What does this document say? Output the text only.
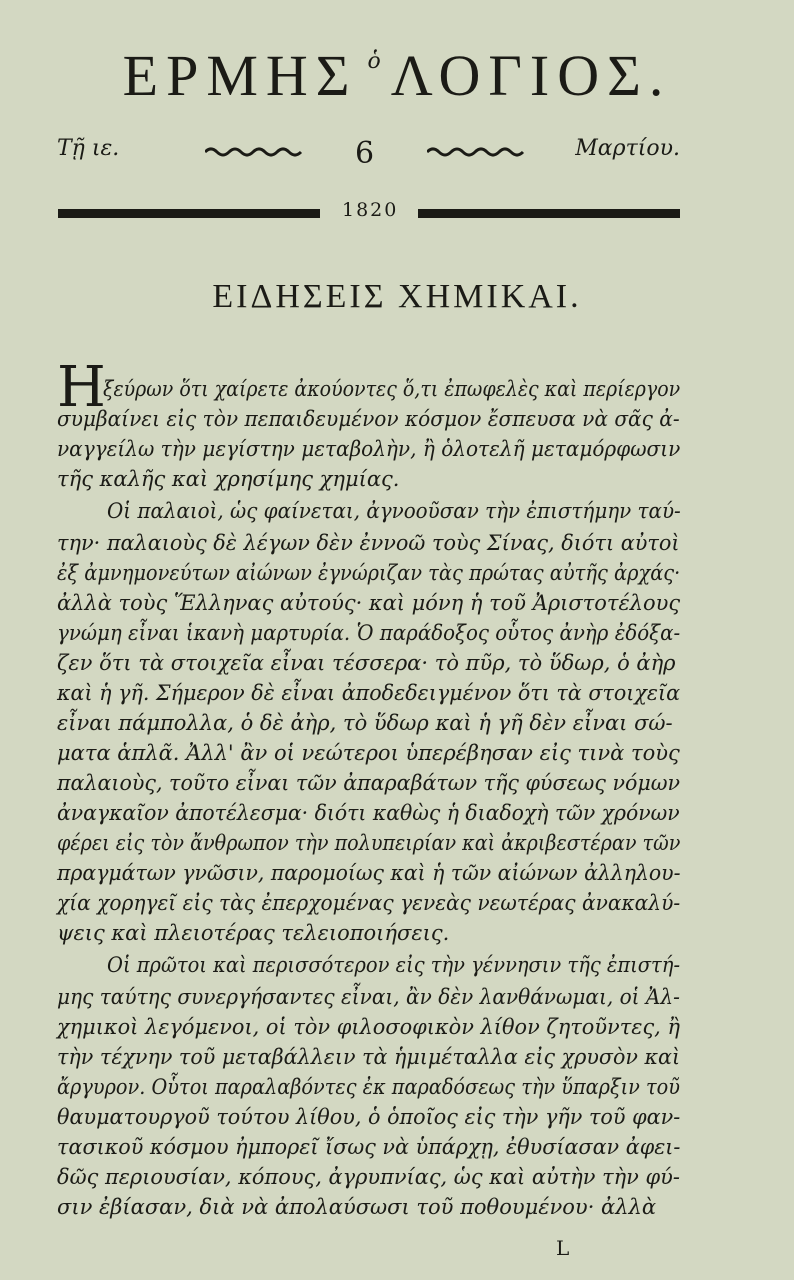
ΕΡΜΗΣ ὁ ΛΟΓΙΟΣ.
Τῇ ιε.	6	Μαρτίου.
1820
ΕΙΔΗΣΕΙΣ ΧΗΜΙΚΑΙ.
Η
ξεύρων ὅτι χαίρετε ἀκούοντες ὅ,τι ἐπωφελὲς καὶ περίεργον
συμβαίνει εἰς τὸν πεπαιδευμένον κόσμον ἔσπευσα νὰ σᾶς ἀ-
ναγγείλω τὴν μεγίστην μεταβολὴν, ἢ ὁλοτελῆ μεταμόρφωσιν
τῆς καλῆς καὶ χρησίμης χημίας.
Οἱ παλαιοὶ, ὡς φαίνεται, ἀγνοοῦσαν τὴν ἐπιστήμην ταύ-
την· παλαιοὺς δὲ λέγων δὲν ἐννοῶ τοὺς Σίνας, διότι αὐτοὶ
ἐξ ἀμνημονεύτων αἰώνων ἐγνώριζαν τὰς πρώτας αὐτῆς ἀρχάς·
ἀλλὰ τοὺς Ἕλληνας αὐτούς· καὶ μόνη ἡ τοῦ Ἀριστοτέλους
γνώμη εἶναι ἱκανὴ μαρτυρία. Ὁ παράδοξος οὗτος ἀνὴρ ἐδόξα-
ζεν ὅτι τὰ στοιχεῖα εἶναι τέσσερα· τὸ πῦρ, τὸ ὕδωρ, ὁ ἀὴρ
καὶ ἡ γῆ. Σήμερον δὲ εἶναι ἀποδεδειγμένον ὅτι τὰ στοιχεῖα
εἶναι πάμπολλα, ὁ δὲ ἀὴρ, τὸ ὕδωρ καὶ ἡ γῆ δὲν εἶναι σώ-
ματα ἁπλᾶ. Ἀλλ' ἂν οἱ νεώτεροι ὑπερέβησαν εἰς τινὰ τοὺς
παλαιοὺς, τοῦτο εἶναι τῶν ἀπαραβάτων τῆς φύσεως νόμων
ἀναγκαῖον ἀποτέλεσμα· διότι καθὼς ἡ διαδοχὴ τῶν χρόνων
φέρει εἰς τὸν ἄνθρωπον τὴν πολυπειρίαν καὶ ἀκριβεστέραν τῶν
πραγμάτων γνῶσιν, παρομοίως καὶ ἡ τῶν αἰώνων ἀλληλου-
χία χορηγεῖ εἰς τὰς ἐπερχομένας γενεὰς νεωτέρας ἀνακαλύ-
ψεις καὶ πλειοτέρας τελειοποιήσεις.
Οἱ πρῶτοι καὶ περισσότερον εἰς τὴν γέννησιν τῆς ἐπιστή-
μης ταύτης συνεργήσαντες εἶναι, ἂν δὲν λανθάνωμαι, οἱ Ἀλ-
χημικοὶ λεγόμενοι, οἱ τὸν φιλοσοφικὸν λίθον ζητοῦντες, ἢ
τὴν τέχνην τοῦ μεταβάλλειν τὰ ἡμιμέταλλα εἰς χρυσὸν καὶ
ἄργυρον. Οὗτοι παραλαβόντες ἐκ παραδόσεως τὴν ὕπαρξιν τοῦ
θαυματουργοῦ τούτου λίθου, ὁ ὁποῖος εἰς τὴν γῆν τοῦ φαν-
τασικοῦ κόσμου ἠμπορεῖ ἴσως νὰ ὑπάρχῃ, ἐθυσίασαν ἀφει-
δῶς περιουσίαν, κόπους, ἀγρυπνίας, ὡς καὶ αὐτὴν τὴν φύ-
σιν ἐβίασαν, διὰ νὰ ἀπολαύσωσι τοῦ ποθουμένου· ἀλλὰ
L
